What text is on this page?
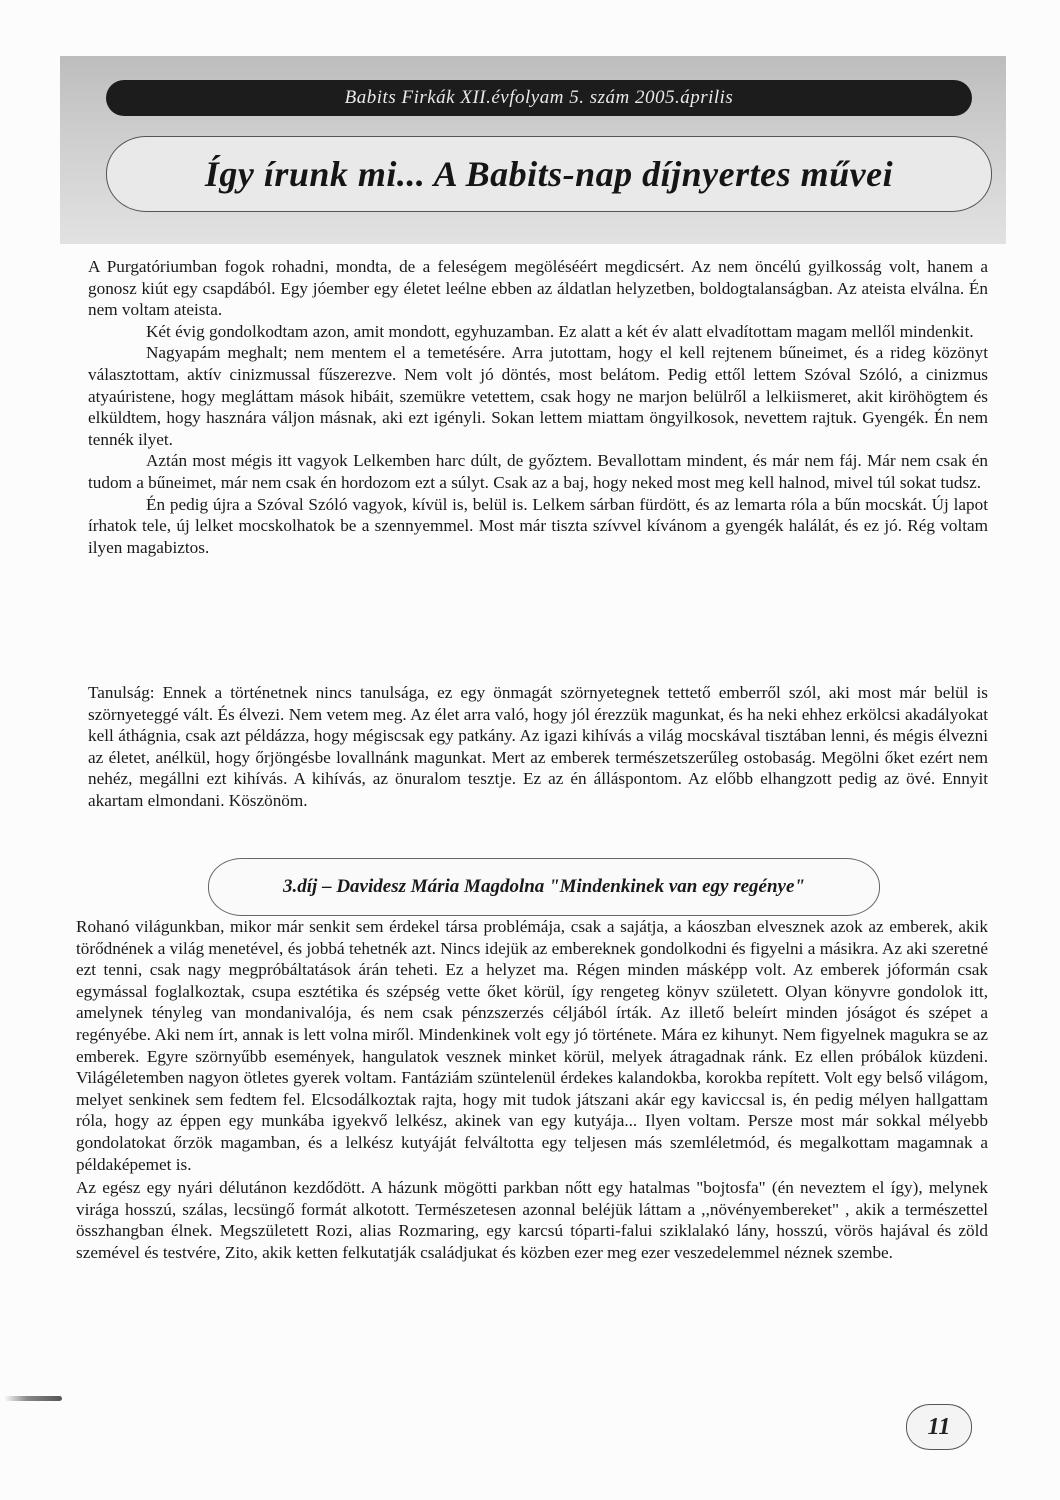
Babits Firkák XII.évfolyam 5. szám 2005.április
Így írunk mi... A Babits-nap díjnyertes művei

A Purgatóriumban fogok rohadni, mondta, de a feleségem megöléséért megdicsért. Az nem öncélú gyilkosság volt, hanem a gonosz kiút egy csapdából. Egy jóember egy életet leélne ebben az áldatlan helyzetben, boldogtalanságban. Az ateista elválna. Én nem voltam ateista.

Két évig gondolkodtam azon, amit mondott, egyhuzamban. Ez alatt a két év alatt elvadítottam magam mellől mindenkit.

Nagyapám meghalt; nem mentem el a temetésére. Arra jutottam, hogy el kell rejtenem bűneimet, és a rideg közönyt választottam, aktív cinizmussal fűszerezve. Nem volt jó döntés, most belátom. Pedig ettől lettem Szóval Szóló, a cinizmus atyaúristene, hogy megláttam mások hibáit, szemükre vetettem, csak hogy ne marjon belülről a lelkiismeret, akit kiröhögtem és elküldtem, hogy hasznára váljon másnak, aki ezt igényli. Sokan lettem miattam öngyilkosok, nevettem rajtuk. Gyengék. Én nem tennék ilyet.

Aztán most mégis itt vagyok Lelkemben harc dúlt, de győztem. Bevallottam mindent, és már nem fáj. Már nem csak én tudom a bűneimet, már nem csak én hordozom ezt a súlyt. Csak az a baj, hogy neked most meg kell halnod, mivel túl sokat tudsz.

Én pedig újra a Szóval Szóló vagyok, kívül is, belül is. Lelkem sárban fürdött, és az lemarta róla a bűn mocskát. Új lapot írhatok tele, új lelket mocskolhatok be a szennyemmel. Most már tiszta szívvel kívánom a gyengék halálát, és ez jó. Rég voltam ilyen magabiztos.

Tanulság: Ennek a történetnek nincs tanulsága, ez egy önmagát szörnyetegnek tettető emberről szól, aki most már belül is szörnyeteggé vált. És élvezi. Nem vetem meg. Az élet arra való, hogy jól érezzük magunkat, és ha neki ehhez erkölcsi akadályokat kell áthágnia, csak azt példázza, hogy mégiscsak egy patkány. Az igazi kihívás a világ mocskával tisztában lenni, és mégis élvezni az életet, anélkül, hogy őrjöngésbe lovallnánk magunkat. Mert az emberek természetszerűleg ostobaság. Megölni őket ezért nem nehéz, megállni ezt kihívás. A kihívás, az önuralom tesztje. Ez az én álláspontom. Az előbb elhangzott pedig az övé. Ennyit akartam elmondani. Köszönöm.

3.díj – Davidesz Mária Magdolna "Mindenkinek van egy regénye"

Rohanó világunkban, mikor már senkit sem érdekel társa problémája, csak a sajátja, a káoszban elvesznek azok az emberek, akik törődnének a világ menetével, és jobbá tehetnék azt. Nincs idejük az embereknek gondolkodni és figyelni a másikra. Az aki szeretné ezt tenni, csak nagy megpróbáltatások árán teheti. Ez a helyzet ma. Régen minden másképp volt. Az emberek jóformán csak egymással foglalkoztak, csupa esztétika és szépség vette őket körül, így rengeteg könyv született. Olyan könyvre gondolok itt, amelynek tényleg van mondanivalója, és nem csak pénzszerzés céljából írták. Az illető beleírt minden jóságot és szépet a regényébe. Aki nem írt, annak is lett volna miről. Mindenkinek volt egy jó története. Mára ez kihunyt. Nem figyelnek magukra se az emberek. Egyre szörnyűbb események, hangulatok vesznek minket körül, melyek átragadnak ránk. Ez ellen próbálok küzdeni. Világéletemben nagyon ötletes gyerek voltam. Fantáziám szüntelenül érdekes kalandokba, korokba repített. Volt egy belső világom, melyet senkinek sem fedtem fel. Elcsodálkoztak rajta, hogy mit tudok játszani akár egy kaviccsal is, én pedig mélyen hallgattam róla, hogy az éppen egy munkába igyekvő lelkész, akinek van egy kutyája... Ilyen voltam. Persze most már sokkal mélyebb gondolatokat őrzök magamban, és a lelkész kutyáját felváltotta egy teljesen más szemléletmód, és megalkottam magamnak a példaképemet is.

Az egész egy nyári délutánon kezdődött. A házunk mögötti parkban nőtt egy hatalmas "bojtosfa" (én neveztem el így), melynek virága hosszú, szálas, lecsüngő formát alkotott. Természetesen azonnal beléjük láttam a ,,növényembereket" , akik a természettel összhangban élnek. Megszületett Rozi, alias Rozmaring, egy karcsú tóparti-falui sziklalakó lány, hosszú, vörös hajával és zöld szemével és testvére, Zito, akik ketten felkutatják családjukat és közben ezer meg ezer veszedelemmel néznek szembe.

11
